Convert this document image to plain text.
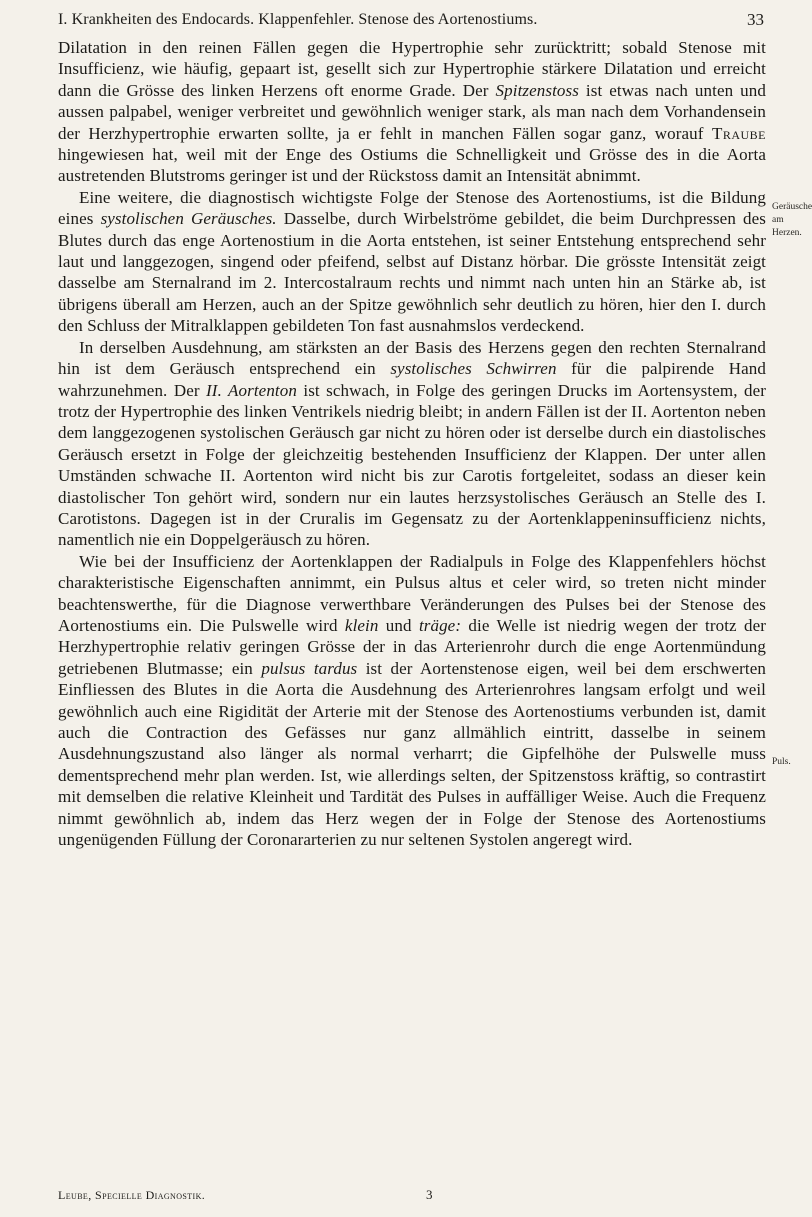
I. Krankheiten des Endocards. Klappenfehler. Stenose des Aortenostiums.	33

Dilatation in den reinen Fällen gegen die Hypertrophie sehr zurücktritt; sobald Stenose mit Insufficienz, wie häufig, gepaart ist, gesellt sich zur Hypertrophie stärkere Dilatation und erreicht dann die Grösse des linken Herzens oft enorme Grade. Der Spitzenstoss ist etwas nach unten und aussen palpabel, weniger verbreitet und gewöhnlich weniger stark, als man nach dem Vorhandensein der Herzhypertrophie erwarten sollte, ja er fehlt in manchen Fällen sogar ganz, worauf Traube hingewiesen hat, weil mit der Enge des Ostiums die Schnelligkeit und Grösse des in die Aorta austretenden Blutstroms geringer ist und der Rückstoss damit an Intensität abnimmt.

Eine weitere, die diagnostisch wichtigste Folge der Stenose des Aortenostiums, ist die Bildung eines systolischen Geräusches. Dasselbe, durch Wirbelströme gebildet, die beim Durchpressen des Blutes durch das enge Aortenostium in die Aorta entstehen, ist seiner Entstehung entsprechend sehr laut und langgezogen, singend oder pfeifend, selbst auf Distanz hörbar. Die grösste Intensität zeigt dasselbe am Sternalrand im 2. Intercostalraum rechts und nimmt nach unten hin an Stärke ab, ist übrigens überall am Herzen, auch an der Spitze gewöhnlich sehr deutlich zu hören, hier den I. durch den Schluss der Mitralklappen gebildeten Ton fast ausnahmslos verdeckend.

In derselben Ausdehnung, am stärksten an der Basis des Herzens gegen den rechten Sternalrand hin ist dem Geräusch entsprechend ein systolisches Schwirren für die palpirende Hand wahrzunehmen. Der II. Aortenton ist schwach, in Folge des geringen Drucks im Aortensystem, der trotz der Hypertrophie des linken Ventrikels niedrig bleibt; in andern Fällen ist der II. Aortenton neben dem langgezogenen systolischen Geräusch gar nicht zu hören oder ist derselbe durch ein diastolisches Geräusch ersetzt in Folge der gleichzeitig bestehenden Insufficienz der Klappen. Der unter allen Umständen schwache II. Aortenton wird nicht bis zur Carotis fortgeleitet, sodass an dieser kein diastolischer Ton gehört wird, sondern nur ein lautes herzsystolisches Geräusch an Stelle des I. Carotistons. Dagegen ist in der Cruralis im Gegensatz zu der Aortenklappeninsufficienz nichts, namentlich nie ein Doppelgeräusch zu hören.

Wie bei der Insufficienz der Aortenklappen der Radialpuls in Folge des Klappenfehlers höchst charakteristische Eigenschaften annimmt, ein Pulsus altus et celer wird, so treten nicht minder beachtenswerthe, für die Diagnose verwerthbare Veränderungen des Pulses bei der Stenose des Aortenostiums ein. Die Pulswelle wird klein und träge: die Welle ist niedrig wegen der trotz der Herzhypertrophie relativ geringen Grösse der in das Arterienrohr durch die enge Aortenmündung getriebenen Blutmasse; ein pulsus tardus ist der Aortenstenose eigen, weil bei dem erschwerten Einfliessen des Blutes in die Aorta die Ausdehnung des Arterienrohres langsam erfolgt und weil gewöhnlich auch eine Rigidität der Arterie mit der Stenose des Aortenostiums verbunden ist, damit auch die Contraction des Gefässes nur ganz allmählich eintritt, dasselbe in seinem Ausdehnungszustand also länger als normal verharrt; die Gipfelhöhe der Pulswelle muss dementsprechend mehr plan werden. Ist, wie allerdings selten, der Spitzenstoss kräftig, so contrastirt mit demselben die relative Kleinheit und Tardität des Pulses in auffälliger Weise. Auch die Frequenz nimmt gewöhnlich ab, indem das Herz wegen der in Folge der Stenose des Aortenostiums ungenügenden Füllung der Coronararterien zu nur seltenen Systolen angeregt wird.

Geräusche am Herzen.
Puls.
Leube, Specielle Diagnostik.	3
